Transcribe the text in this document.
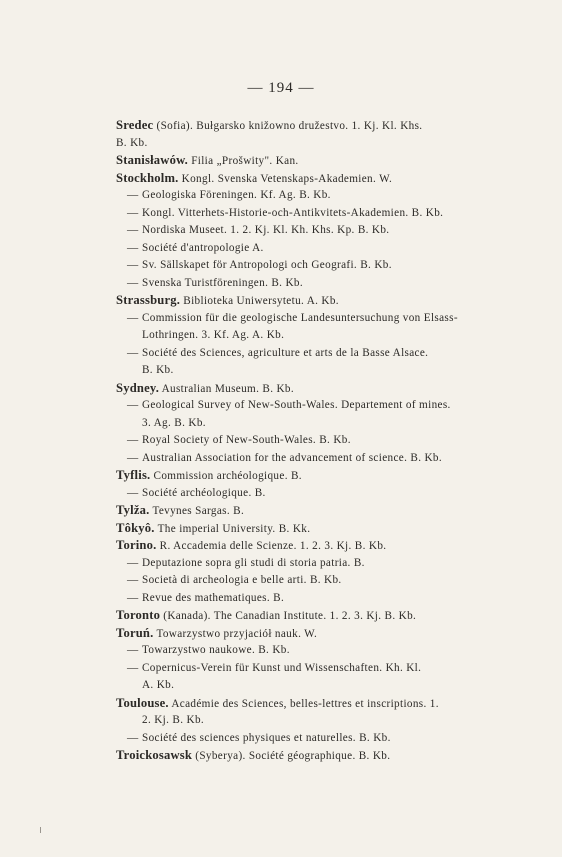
— 194 —
Sredec (Sofia). Bułgarsko knižowno družestvo. 1. Kj. Kl. Khs.
B. Kb.
Stanisławów. Filia „Prošwity". Kan.
Stockholm. Kongl. Svenska Vetenskaps-Akademien. W.
— Geologiska Föreningen. Kf. Ag. B. Kb.
— Kongl. Vitterhets-Historie-och-Antikvitets-Akademien. B. Kb.
— Nordiska Museet. 1. 2. Kj. Kl. Kh. Khs. Kp. B. Kb.
— Société d'antropologie A.
— Sv. Sällskapet för Antropologi och Geografi. B. Kb.
— Svenska Turistföreningen. B. Kb.
Strassburg. Biblioteka Uniwersytetu. A. Kb.
— Commission für die geologische Landesuntersuchung von Elsass-
Lothringen. 3. Kf. Ag. A. Kb.
— Société des Sciences, agriculture et arts de la Basse Alsace.
B. Kb.
Sydney. Australian Museum. B. Kb.
— Geological Survey of New-South-Wales. Departement of mines.
3. Ag. B. Kb.
— Royal Society of New-South-Wales. B. Kb.
— Australian Association for the advancement of science. B. Kb.
Tyflis. Commission archéologique. B.
— Société archéologique. B.
Tylža. Tevynes Sargas. B.
Tôkyô. The imperial University. B. Kk.
Torino. R. Accademia delle Scienze. 1. 2. 3. Kj. B. Kb.
— Deputazione sopra gli studi di storia patria. B.
— Società di archeologia e belle arti. B. Kb.
— Revue des mathematiques. B.
Toronto (Kanada). The Canadian Institute. 1. 2. 3. Kj. B. Kb.
Toruń. Towarzystwo przyjaciół nauk. W.
— Towarzystwo naukowe. B. Kb.
— Copernicus-Verein für Kunst und Wissenschaften. Kh. Kl.
A. Kb.
Toulouse. Académie des Sciences, belles-lettres et inscriptions. 1.
2. Kj. B. Kb.
— Société des sciences physiques et naturelles. B. Kb.
Troickosawsk (Syberya). Société géographique. B. Kb.
